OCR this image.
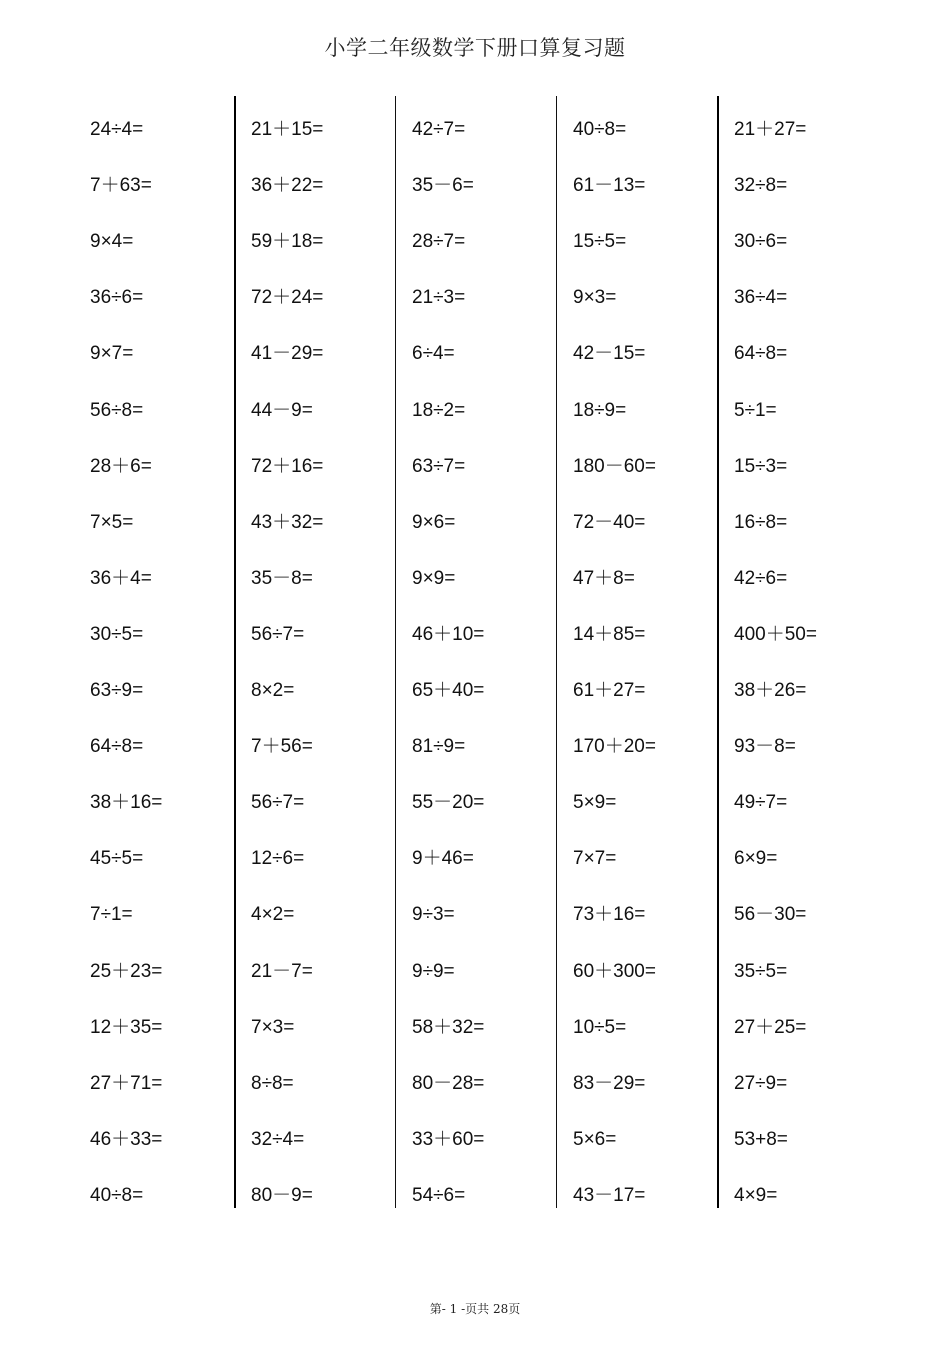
小学二年级数学下册口算复习题
24÷4=
7＋63=
9×4=
36÷6=
9×7=
56÷8=
28＋6=
7×5=
36＋4=
30÷5=
63÷9=
64÷8=
38＋16=
45÷5=
7÷1=
25＋23=
12＋35=
27＋71=
46＋33=
40÷8=
21＋15=
36＋22=
59＋18=
72＋24=
41－29=
44－9=
72＋16=
43＋32=
35－8=
56÷7=
8×2=
7＋56=
56÷7=
12÷6=
4×2=
21－7=
7×3=
8÷8=
32÷4=
80－9=
42÷7=
35－6=
28÷7=
21÷3=
6÷4=
18÷2=
63÷7=
9×6=
9×9=
46＋10=
65＋40=
81÷9=
55－20=
9＋46=
9÷3=
9÷9=
58＋32=
80－28=
33＋60=
54÷6=
40÷8=
61－13=
15÷5=
9×3=
42－15=
18÷9=
180－60=
72－40=
47＋8=
14＋85=
61＋27=
170＋20=
5×9=
7×7=
73＋16=
60＋300=
10÷5=
83－29=
5×6=
43－17=
21＋27=
32÷8=
30÷6=
36÷4=
64÷8=
5÷1=
15÷3=
16÷8=
42÷6=
400＋50=
38＋26=
93－8=
49÷7=
6×9=
56－30=
35÷5=
27＋25=
27÷9=
53+8=
4×9=
第- 1 -页共 28页
